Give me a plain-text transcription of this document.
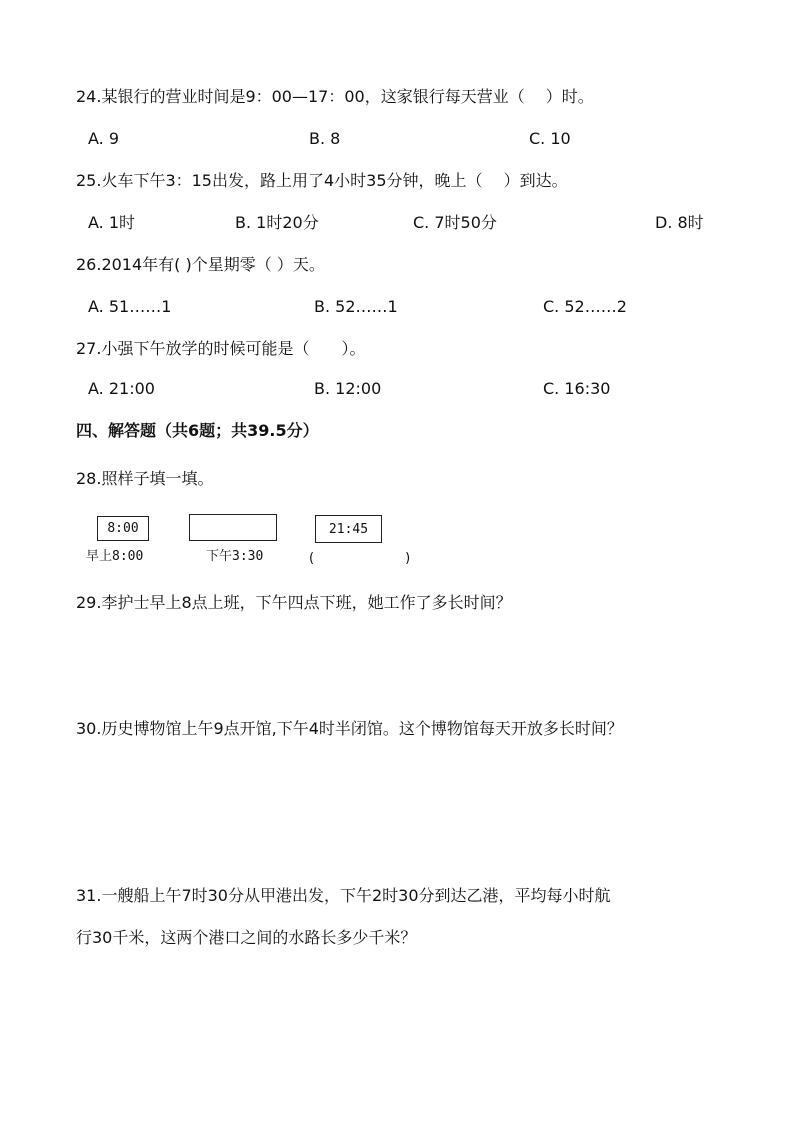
24.某银行的营业时间是9：00—17：00，这家银行每天营业（　 ）时。
A. 9	B. 8	C. 10
25.火车下午3：15出发，路上用了4小时35分钟，晚上（　 ）到达。
A. 1时	B. 1时20分	C. 7时50分	D. 8时
26.2014年有( )个星期零（ ）天。
A. 51……1	B. 52……1	C. 52……2
27.小强下午放学的时候可能是（　　）。
A. 21:00	B. 12:00	C. 16:30
四、解答题（共6题；共39.5分）
28.照样子填一填。
8:00	21:45
早上8:00	下午3:30	(　　　　　　　)
29.李护士早上8点上班，下午四点下班，她工作了多长时间？
30.历史博物馆上午9点开馆,下午4时半闭馆。这个博物馆每天开放多长时间？
31.一艘船上午7时30分从甲港出发，下午2时30分到达乙港，平均每小时航
行30千米，这两个港口之间的水路长多少千米？
